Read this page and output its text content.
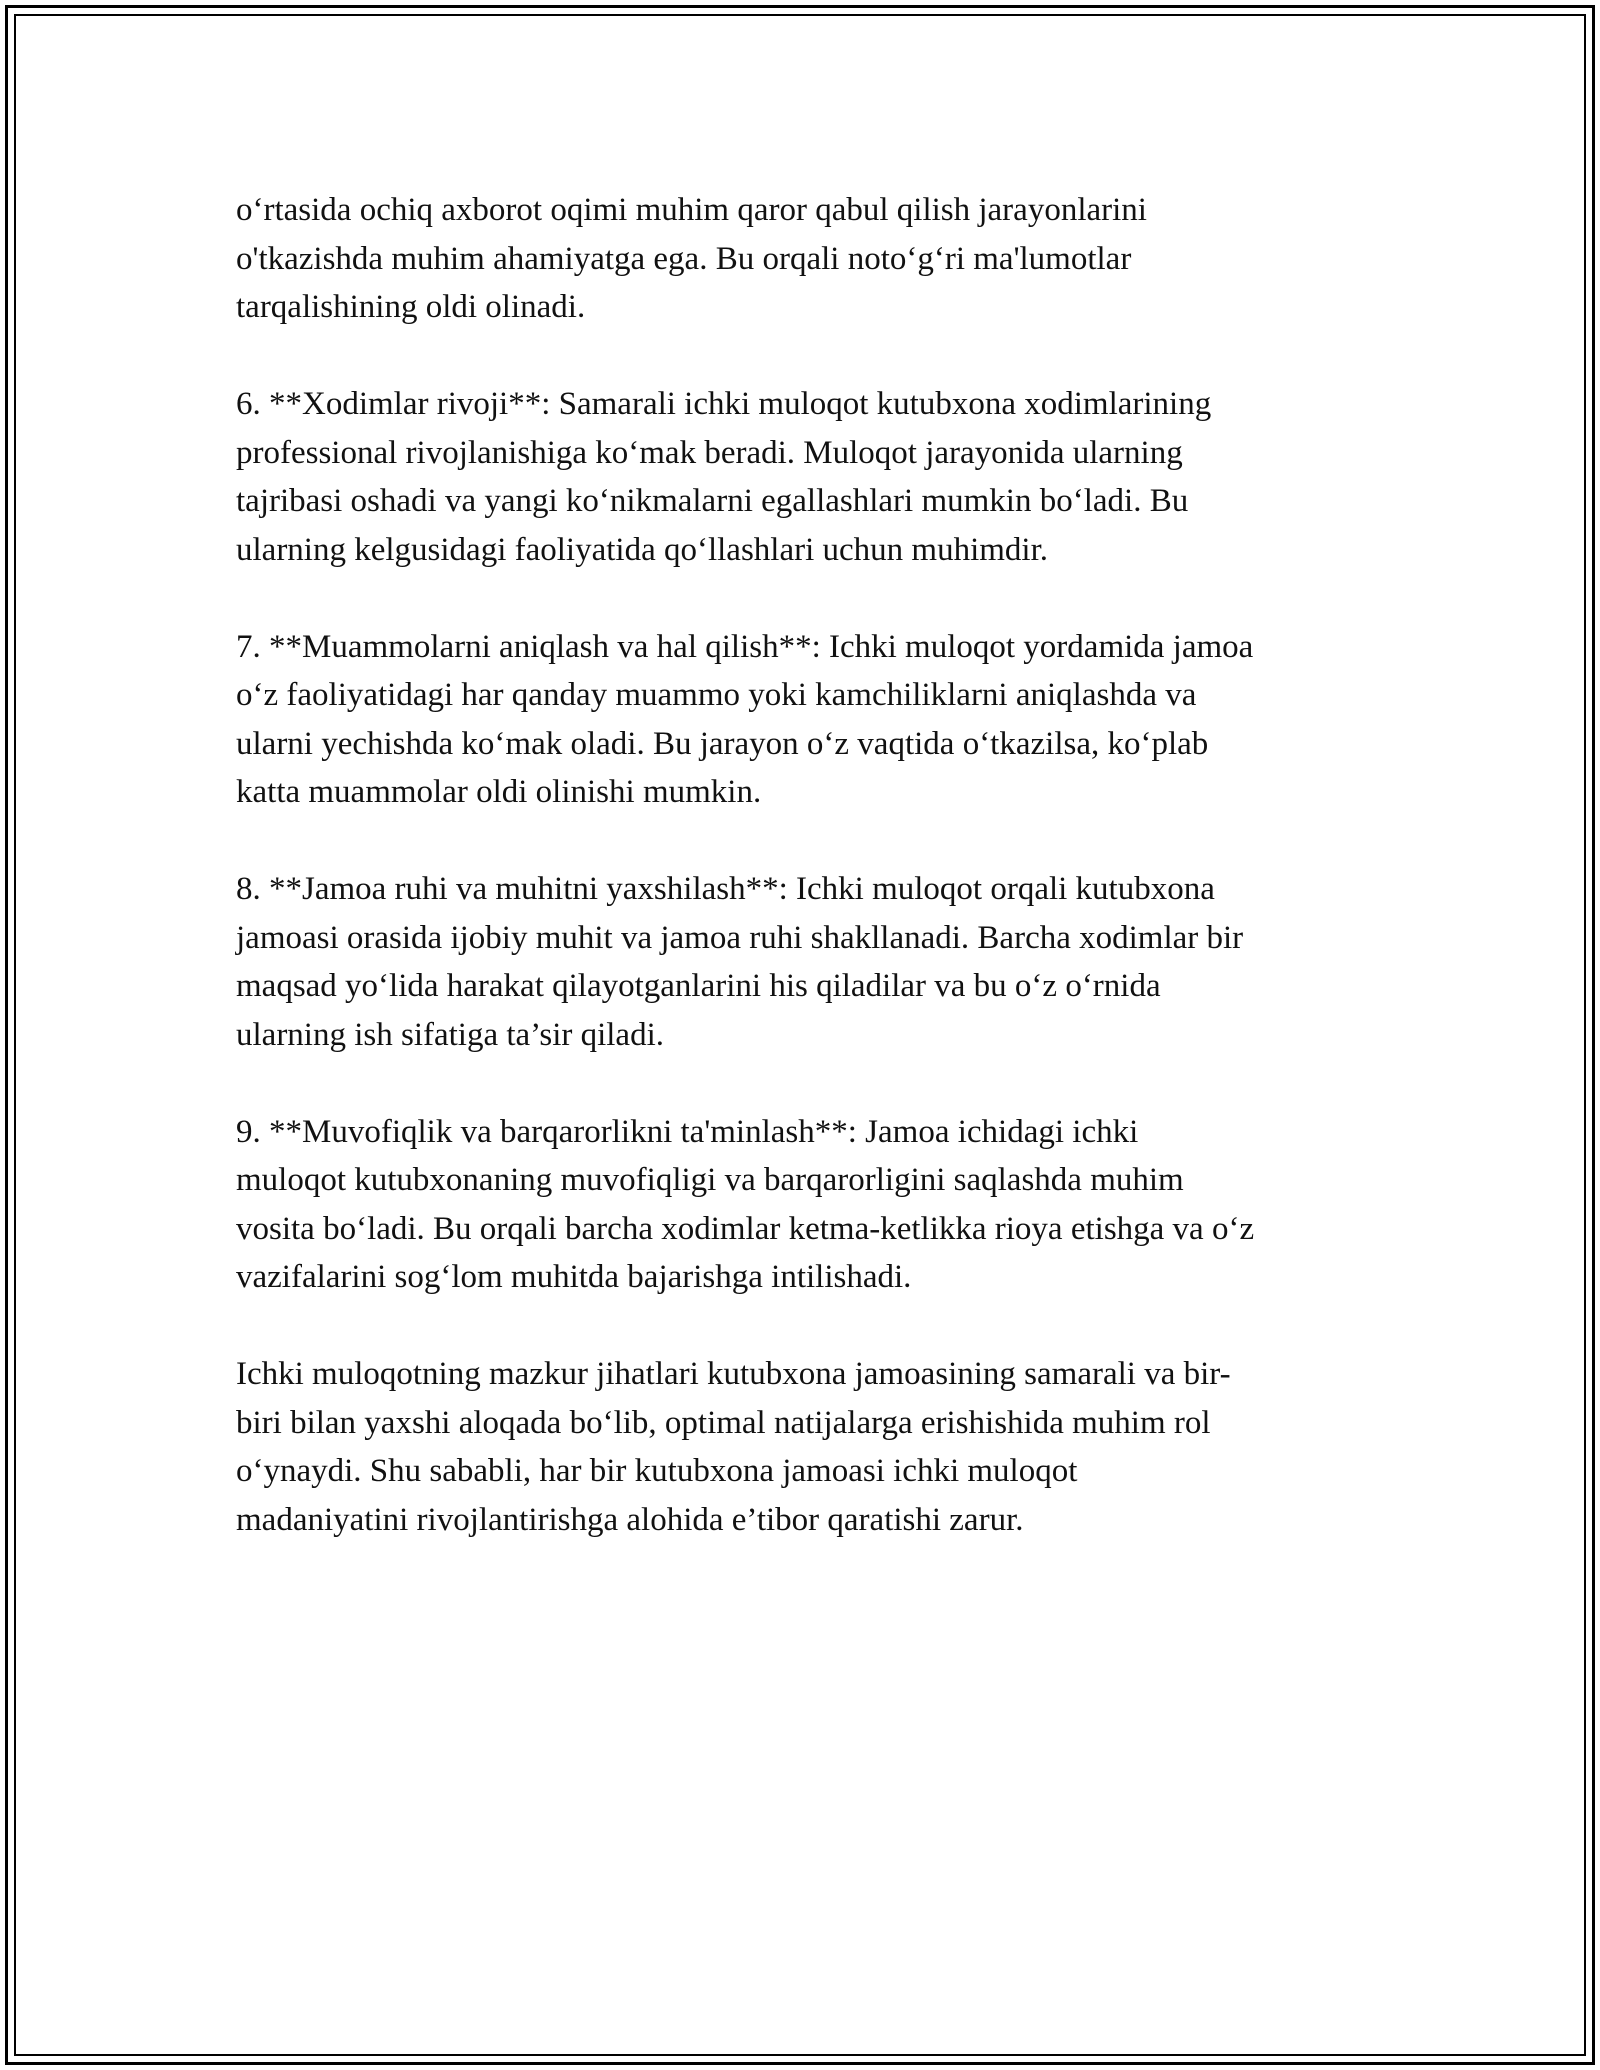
o‘rtasida ochiq axborot oqimi muhim qaror qabul qilish jarayonlarini
o'tkazishda muhim ahamiyatga ega. Bu orqali noto‘g‘ri ma'lumotlar
tarqalishining oldi olinadi.

6. **Xodimlar rivoji**: Samarali ichki muloqot kutubxona xodimlarining
professional rivojlanishiga ko‘mak beradi. Muloqot jarayonida ularning
tajribasi oshadi va yangi ko‘nikmalarni egallashlari mumkin bo‘ladi. Bu
ularning kelgusidagi faoliyatida qo‘llashlari uchun muhimdir.

7. **Muammolarni aniqlash va hal qilish**: Ichki muloqot yordamida jamoa
o‘z faoliyatidagi har qanday muammo yoki kamchiliklarni aniqlashda va
ularni yechishda ko‘mak oladi. Bu jarayon o‘z vaqtida o‘tkazilsa, ko‘plab
katta muammolar oldi olinishi mumkin.

8. **Jamoa ruhi va muhitni yaxshilash**: Ichki muloqot orqali kutubxona
jamoasi orasida ijobiy muhit va jamoa ruhi shakllanadi. Barcha xodimlar bir
maqsad yo‘lida harakat qilayotganlarini his qiladilar va bu o‘z o‘rnida
ularning ish sifatiga ta’sir qiladi.

9. **Muvofiqlik va barqarorlikni ta'minlash**: Jamoa ichidagi ichki
muloqot kutubxonaning muvofiqligi va barqarorligini saqlashda muhim
vosita bo‘ladi. Bu orqali barcha xodimlar ketma-ketlikka rioya etishga va o‘z
vazifalarini sog‘lom muhitda bajarishga intilishadi.

Ichki muloqotning mazkur jihatlari kutubxona jamoasining samarali va bir-
biri bilan yaxshi aloqada bo‘lib, optimal natijalarga erishishida muhim rol
o‘ynaydi. Shu sababli, har bir kutubxona jamoasi ichki muloqot
madaniyatini rivojlantirishga alohida e’tibor qaratishi zarur.
